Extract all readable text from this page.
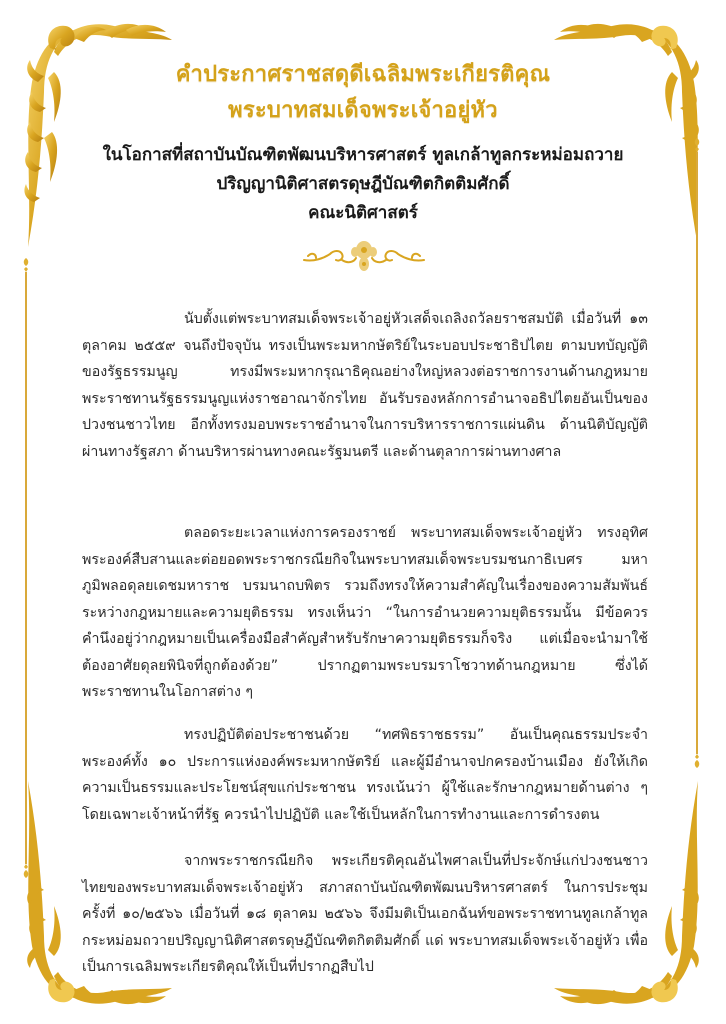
คำประกาศราชสดุดีเฉลิมพระเกียรติคุณ
พระบาทสมเด็จพระเจ้าอยู่หัว
ในโอกาสที่สถาบันบัณฑิตพัฒนบริหารศาสตร์ ทูลเกล้าทูลกระหม่อมถวาย
ปริญญานิติศาสตรดุษฎีบัณฑิตกิตติมศักดิ์
คณะนิติศาสตร์

นับตั้งแต่พระบาทสมเด็จพระเจ้าอยู่หัวเสด็จเถลิงถวัลยราชสมบัติ เมื่อวันที่ ๑๓ ตุลาคม ๒๕๕๙ จนถึงปัจจุบัน ทรงเป็นพระมหากษัตริย์ในระบอบประชาธิปไตย ตามบทบัญญัติของรัฐธรรมนูญ ทรงมีพระมหากรุณาธิคุณอย่างใหญ่หลวงต่อราชการงานด้านกฎหมาย พระราชทานรัฐธรรมนูญแห่งราชอาณาจักรไทย อันรับรองหลักการอำนาจอธิปไตยอันเป็นของปวงชนชาวไทย อีกทั้งทรงมอบพระราชอำนาจในการบริหารราชการแผ่นดิน ด้านนิติบัญญัติผ่านทางรัฐสภา ด้านบริหารผ่านทางคณะรัฐมนตรี และด้านตุลาการผ่านทางศาล

ตลอดระยะเวลาแห่งการครองราชย์ พระบาทสมเด็จพระเจ้าอยู่หัว ทรงอุทิศพระองค์สืบสานและต่อยอดพระราชกรณียกิจในพระบาทสมเด็จพระบรมชนกาธิเบศร มหาภูมิพลอดุลยเดชมหาราช บรมนาถบพิตร รวมถึงทรงให้ความสำคัญในเรื่องของความสัมพันธ์ระหว่างกฎหมายและความยุติธรรม ทรงเห็นว่า “ในการอำนวยความยุติธรรมนั้น มีข้อควรคำนึงอยู่ว่ากฎหมายเป็นเครื่องมือสำคัญสำหรับรักษาความยุติธรรมก็จริง แต่เมื่อจะนำมาใช้ต้องอาศัยดุลยพินิจที่ถูกต้องด้วย” ปรากฏตามพระบรมราโชวาทด้านกฎหมาย ซึ่งได้พระราชทานในโอกาสต่าง ๆ

ทรงปฏิบัติต่อประชาชนด้วย “ทศพิธราชธรรม” อันเป็นคุณธรรมประจำพระองค์ทั้ง ๑๐ ประการแห่งองค์พระมหากษัตริย์ และผู้มีอำนาจปกครองบ้านเมือง ยังให้เกิดความเป็นธรรมและประโยชน์สุขแก่ประชาชน ทรงเน้นว่า ผู้ใช้และรักษากฎหมายด้านต่าง ๆ โดยเฉพาะเจ้าหน้าที่รัฐ ควรนำไปปฏิบัติ และใช้เป็นหลักในการทำงานและการดำรงตน

จากพระราชกรณียกิจ พระเกียรติคุณอันไพศาลเป็นที่ประจักษ์แก่ปวงชนชาวไทยของพระบาทสมเด็จพระเจ้าอยู่หัว สภาสถาบันบัณฑิตพัฒนบริหารศาสตร์ ในการประชุมครั้งที่ ๑๐/๒๕๖๖ เมื่อวันที่ ๑๘ ตุลาคม ๒๕๖๖ จึงมีมติเป็นเอกฉันท์ขอพระราชทานทูลเกล้าทูลกระหม่อมถวายปริญญานิติศาสตรดุษฎีบัณฑิตกิตติมศักดิ์ แด่ พระบาทสมเด็จพระเจ้าอยู่หัว เพื่อเป็นการเฉลิมพระเกียรติคุณให้เป็นที่ปรากฏสืบไป
